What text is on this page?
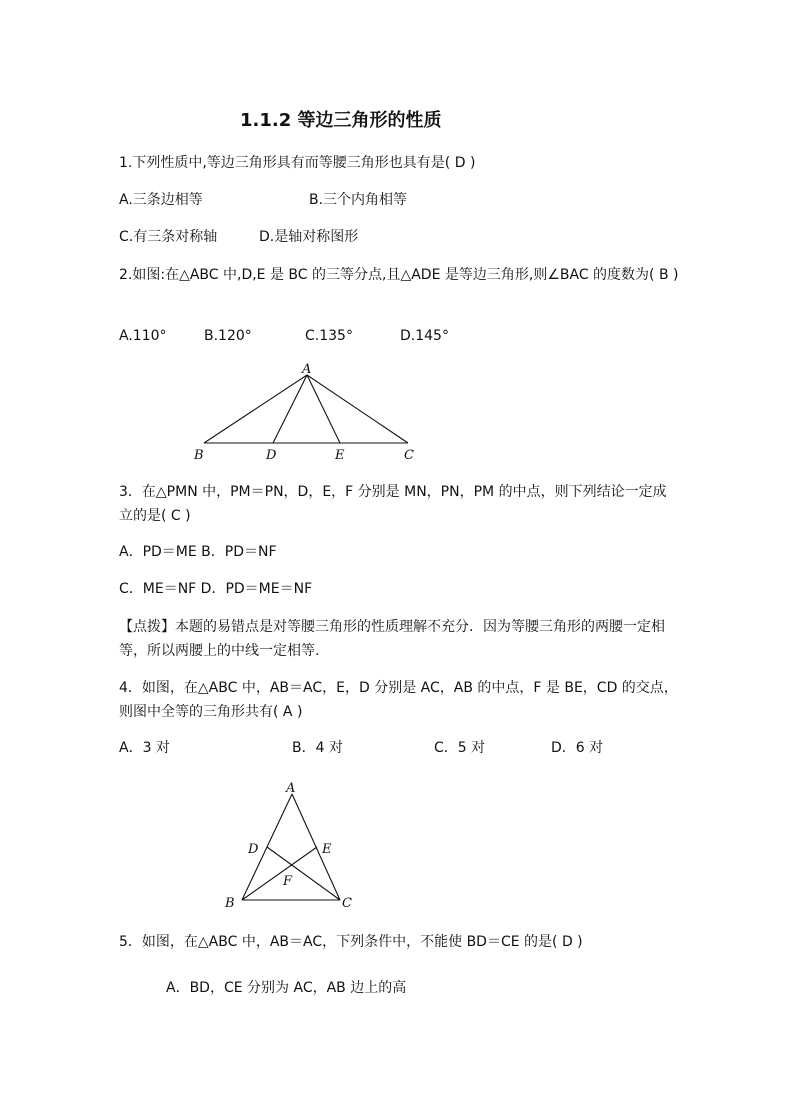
1.1.2 等边三角形的性质
1.下列性质中,等边三角形具有而等腰三角形也具有是( D )
A.三条边相等	B.三个内角相等
C.有三条对称轴	D.是轴对称图形
2.如图:在△ABC 中,D,E 是 BC 的三等分点,且△ADE 是等边三角形,则∠BAC 的度数为( B )
A.110°	B.120°	C.135°	D.145°
A
B	D	E	C
3．在△PMN 中，PM＝PN，D，E，F 分别是 MN，PN，PM 的中点，则下列结论一定成立的是( C )
A．PD＝ME B．PD＝NF
C．ME＝NF D．PD＝ME＝NF
【点拨】本题的易错点是对等腰三角形的性质理解不充分．因为等腰三角形的两腰一定相等，所以两腰上的中线一定相等.
4．如图，在△ABC 中，AB＝AC，E，D 分别是 AC，AB 的中点，F 是 BE，CD 的交点，则图中全等的三角形共有( A )
A．3 对	B．4 对	C．5 对	D．6 对
A
D	E
F
B	C
5．如图，在△ABC 中，AB＝AC，下列条件中，不能使 BD＝CE 的是( D )
A．BD，CE 分别为 AC，AB 边上的高
